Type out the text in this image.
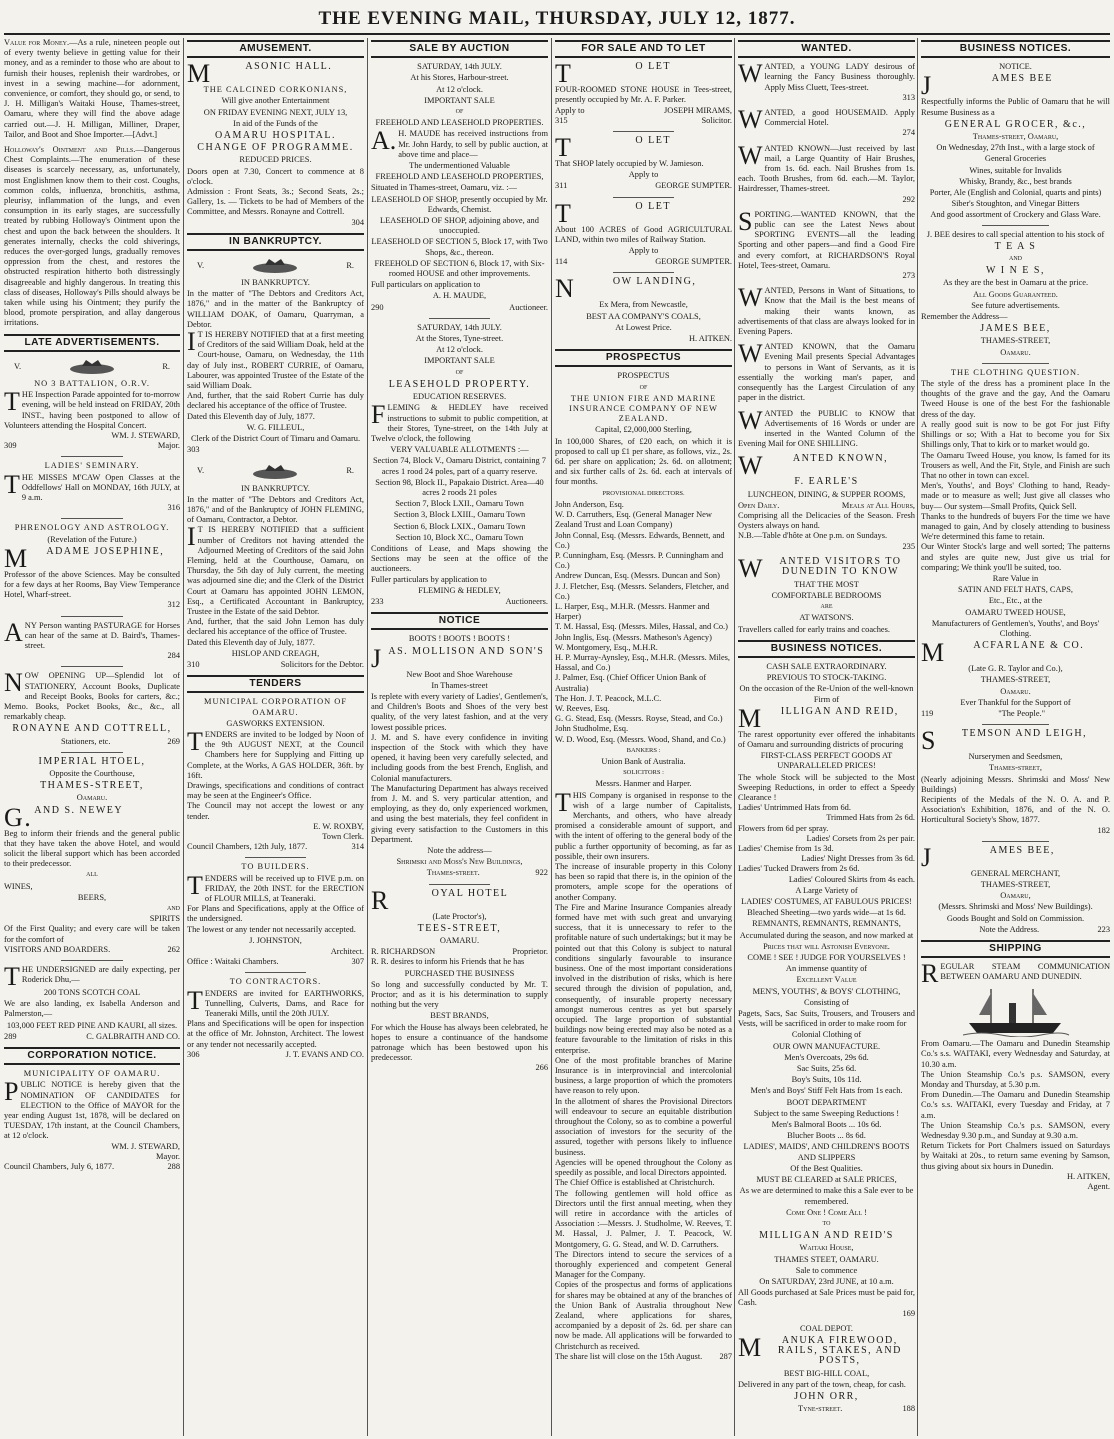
THE EVENING MAIL, THURSDAY, JULY 12, 1877.

Value for Money.—As a rule, nineteen people out of every twenty believe in getting value for their money, and as a reminder to those who are about to furnish their houses, replenish their wardrobes, or invest in a sewing machine—for adornment, convenience, or comfort, they should go, or send, to J. H. Milligan's Waitaki House, Thames-street, Oamaru, where they will find the above adage carried out.—J. H. Milligan, Milliner, Draper, Tailor, and Boot and Shoe Importer.—[Advt.]

Holloway's Ointment and Pills.—Dangerous Chest Complaints.—The enumeration of these diseases is scarcely necessary, as, unfortunately, most Englishmen know them to their cost. Coughs, common colds, influenza, bronchitis, asthma, pleurisy, inflammation of the lungs, and even consumption in its early stages, are successfully treated by rubbing Holloway's Ointment upon the chest and upon the back between the shoulders. It generates internally, checks the cold shiverings, reduces the over-gorged lungs, gradually removes oppression from the chest, and restores the obstructed respiration hitherto both distressingly disagreeable and highly dangerous. In treating this class of diseases, Holloway's Pills should always be taken while using his Ointment; they purify the blood, promote perspiration, and allay dangerous irritations.

LATE ADVERTISEMENTS.
V.	R.
NO 3 BATTALION, O.R.V.

THE Inspection Parade appointed for to-morrow evening, will be held instead on FRIDAY, 20th INST., having been postponed to allow of Volunteers attending the Hospital Concert.

WM. J. STEWARD,
309	Major.
LADIES' SEMINARY.

THE MISSES M'CAW Open Classes at the Oddfellows' Hall on MONDAY, 16th JULY, at 9 a.m.

316
PHRENOLOGY AND ASTROLOGY.
(Revelation of the Future.)
M ADAME JOSEPHINE,

Professor of the above Sciences. May be consulted for a few days at her Rooms, Bay View Temperance Hotel, Wharf-street.

312

ANY Person wanting PASTURAGE for Horses can hear of the same at D. Baird's, Thames-street.

284

NOW OPENING UP—Splendid lot of STATIONERY, Account Books, Duplicate and Receipt Books, Books for carters, &c.; Memo. Books, Pocket Books, &c., &c., all remarkably cheap.

RONAYNE AND COTTRELL,
Stationers, etc.	269
IMPERIAL HTOEL,
Opposite the Courthouse,
THAMES-STREET,
Oamaru.
G. AND S. NEWEY

Beg to inform their friends and the general public that they have taken the above Hotel, and would solicit the liberal support which has been accorded to their predecessor.

ALL
WINES,
BEERS,
AND
SPIRITS

Of the First Quality; and every care will be taken for the comfort of

VISITORS AND BOARDERS.	262

THE UNDERSIGNED are daily expecting, per Roderick Dhu,—

200 TONS SCOTCH COAL

We are also landing, ex Isabella Anderson and Palmerston,—

103,000 FEET RED PINE AND KAURI, all sizes.
289	C. GALBRAITH AND CO.
CORPORATION NOTICE.
MUNICIPALITY OF OAMARU.

PUBLIC NOTICE is hereby given that the NOMINATION OF CANDIDATES for ELECTION to the Office of MAYOR for the year ending August 1st, 1878, will be declared on TUESDAY, 17th instant, at the Council Chambers, at 12 o'clock.

WM. J. STEWARD,
Mayor.
Council Chambers, July 6, 1877.	288
AMUSEMENT.
M	ASONIC HALL.
THE CALCINED CORKONIANS,
Will give another Entertainment
ON FRIDAY EVENING NEXT, JULY 13,
In aid of the Funds of the
OAMARU HOSPITAL.
CHANGE OF PROGRAMME.
REDUCED PRICES.

Doors open at 7.30, Concert to commence at 8 o'clock.

Admission : Front Seats, 3s.; Second Seats, 2s.; Gallery, 1s. — Tickets to be had of Members of the Committee, and Messrs. Ronayne and Cottrell.

304
IN BANKRUPTCY.
V.	R.
IN BANKRUPTCY.

In the matter of "The Debtors and Creditors Act, 1876," and in the matter of the Bankruptcy of WILLIAM DOAK, of Oamaru, Quarryman, a Debtor.

I T IS HEREBY NOTIFIED that at a first meeting of Creditors of the said William Doak, held at the Court-house, Oamaru, on Wednesday, the 11th day of July inst., ROBERT CURRIE, of Oamaru, Labourer, was appointed Trustee of the Estate of the said William Doak.

And, further, that the said Robert Currie has duly declared his acceptance of the office of Trustee.

Dated this Eleventh day of July, 1877.

W. G. FILLEUL,
Clerk of the District Court of Timaru and Oamaru.
303
V.	R.
IN BANKRUPTCY.

In the matter of "The Debtors and Creditors Act, 1876," and of the Bankruptcy of JOHN FLEMING, of Oamaru, Contractor, a Debtor.

I T IS HEREBY NOTIFIED that a sufficient number of Creditors not having attended the Adjourned Meeting of Creditors of the said John Fleming, held at the Courthouse, Oamaru, on Thursday, the 5th day of July current, the meeting was adjourned sine die; and the Clerk of the District Court at Oamaru has appointed JOHN LEMON, Esq., a Certificated Accountant in Bankruptcy, Trustee in the Estate of the said Debtor.

And, further, that the said John Lemon has duly declared his acceptance of the office of Trustee.

Dated this Eleventh day of July, 1877.

HISLOP AND CREAGH,
310	Solicitors for the Debtor.
TENDERS
MUNICIPAL CORPORATION OF OAMARU.
GASWORKS EXTENSION.

TENDERS are invited to be lodged by Noon of the 9th AUGUST NEXT, at the Council Chambers here for Supplying and Fitting up Complete, at the Works, A GAS HOLDER, 36ft. by 16ft.

Drawings, specifications and conditions of contract may be seen at the Engineer's Office.

The Council may not accept the lowest or any tender.

E. W. ROXBY,
Town Clerk.
Council Chambers, 12th July, 1877.	314
TO BUILDERS.

TENDERS will be received up to FIVE p.m. on FRIDAY, the 20th INST. for the ERECTION of FLOUR MILLS, at Teaneraki.

For Plans and Specifications, apply at the Office of the undersigned.

The lowest or any tender not necessarily accepted.

J. JOHNSTON,
Architect.
Office : Waitaki Chambers.	307
TO CONTRACTORS.

TENDERS are invited for EARTHWORKS, Tunnelling, Culverts, Dams, and Race for Teaneraki Mills, until the 20th JULY.

Plans and Specifications will be open for inspection at the office of Mr. Johnston, Architect. The lowest or any tender not necessarily accepted.

306	J. T. EVANS AND CO.
SALE BY AUCTION
SATURDAY, 14th JULY.
At his Stores, Harbour-street.
At 12 o'clock.
IMPORTANT SALE
OF
FREEHOLD AND LEASEHOLD PROPERTIES.

A. H. MAUDE has received instructions from Mr. John Hardy, to sell by public auction, at above time and place—

The undermentioned Valuable
FREEHOLD AND LEASEHOLD PROPERTIES,

Situated in Thames-street, Oamaru, viz. :—

LEASEHOLD OF SHOP, presently occupied by Mr. Edwards, Chemist.
LEASEHOLD OF SHOP, adjoining above, and unoccupied.
LEASEHOLD OF SECTION 5, Block 17, with Two Shops, &c., thereon.
FREEHOLD OF SECTION 6, Block 17, with Six-roomed HOUSE and other improvements.

Full particulars on application to

A. H. MAUDE,
290	Auctioneer.
SATURDAY, 14th JULY.
At the Stores, Tyne-street.
At 12 o'clock.
IMPORTANT SALE
OF
LEASEHOLD PROPERTY.
EDUCATION RESERVES.

FLEMING & HEDLEY have received instructions to submit to public competition, at their Stores, Tyne-street, on the 14th July at Twelve o'clock, the following

VERY VALUABLE ALLOTMENTS :—
Section 74, Block V., Oamaru District, containing 7 acres 1 rood 24 poles, part of a quarry reserve.
Section 98, Block II., Papakaio District. Area—40 acres 2 roods 21 poles
Section 7, Block LXII., Oamaru Town
Section 3, Block LXIII., Oamaru Town
Section 6, Block LXIX., Oamaru Town
Section 10, Block XC., Oamaru Town

Conditions of Lease, and Maps showing the Sections may be seen at the office of the auctioneers.

Fuller particulars by application to

FLEMING & HEDLEY,
233	Auctioneers.
NOTICE
BOOTS ! BOOTS ! BOOTS !
JAS. MOLLISON AND SON'S
New Boot and Shoe Warehouse
In Thames-street

Is replete with every variety of Ladies', Gentlemen's, and Children's Boots and Shoes of the very best quality, of the very latest fashion, and at the very lowest possible prices.

J. M. and S. have every confidence in inviting inspection of the Stock with which they have opened, it having been very carefully selected, and including goods from the best French, English, and Colonial manufacturers.

The Manufacturing Department has always received from J. M. and S. very particular attention, and employing, as they do, only experienced workmen, and using the best materials, they feel confident in giving every satisfaction to the Customers in this Department.

Note the address—
Shrimski and Moss's New Buildings,
Thames-street.	922
R	OYAL HOTEL
(Late Proctor's),
TEES-STREET,
OAMARU.
R. RICHARDSON	Proprietor.

R. R. desires to inform his Friends that he has

PURCHASED THE BUSINESS

So long and successfully conducted by Mr. T. Proctor; and as it is his determination to supply nothing but the very

BEST BRANDS,

For which the House has always been celebrated, he hopes to ensure a continuance of the handsome patronage which has been bestowed upon his predecessor.

266
FOR SALE AND TO LET
T	O LET

FOUR-ROOMED STONE HOUSE in Tees-street, presently occupied by Mr. A. F. Parker.

Apply to	JOSEPH MIRAMS,
315	Solicitor.
T	O LET

That SHOP lately occupied by W. Jamieson.

Apply to
311	GEORGE SUMPTER.
T	O LET

About 100 ACRES of Good AGRICULTURAL LAND, within two miles of Railway Station.

Apply to
114	GEORGE SUMPTER.
N	OW LANDING,
Ex Mera, from Newcastle,
BEST AA COMPANY'S COALS,
At Lowest Price.
H. AITKEN.
PROSPECTUS
PROSPECTUS
OF
THE UNION FIRE AND MARINE INSURANCE COMPANY OF NEW ZEALAND.
Capital, £2,000,000 Sterling,

In 100,000 Shares, of £20 each, on which it is proposed to call up £1 per share, as follows, viz., 2s. 6d. per share on application; 2s. 6d. on allotment; and six further calls of 2s. 6d. each at intervals of four months.

PROVISIONAL DIRECTORS.
John Anderson, Esq.
W. D. Carruthers, Esq. (General Manager New Zealand Trust and Loan Company)
John Connal, Esq. (Messrs. Edwards, Bennett, and Co.)
P. Cunningham, Esq. (Messrs. P. Cunningham and Co.)
Andrew Duncan, Esq. (Messrs. Duncan and Son)
J. J. Fletcher, Esq. (Messrs. Selanders, Fletcher, and Co.)
L. Harper, Esq., M.H.R. (Messrs. Hanmer and Harper)
T. M. Hassal, Esq. (Messrs. Miles, Hassal, and Co.)
John Inglis, Esq. (Messrs. Matheson's Agency)
W. Montgomery, Esq., M.H.R.
H. P. Murray-Aynsley, Esq., M.H.R. (Messrs. Miles, Hassal, and Co.)
J. Palmer, Esq. (Chief Officer Union Bank of Australia)
The Hon. J. T. Peacock, M.L.C.
W. Reeves, Esq.
G. G. Stead, Esq. (Messrs. Royse, Stead, and Co.)
John Studholme, Esq.
W. D. Wood, Esq. (Messrs. Wood, Shand, and Co.)
BANKERS :
Union Bank of Australia.
SOLICITORS :
Messrs. Hanmer and Harper.

THIS Company is organised in response to the wish of a large number of Capitalists, Merchants, and others, who have already promised a considerable amount of support, and with the intent of offering to the general body of the public a further opportunity of becoming, as far as possible, their own insurers.

The increase of insurable property in this Colony has been so rapid that there is, in the opinion of the promoters, ample scope for the operations of another Company.

The Fire and Marine Insurance Companies already formed have met with such great and unvarying success, that it is unnecessary to refer to the profitable nature of such undertakings; but it may be pointed out that this Colony is subject to natural conditions singularly favourable to insurance business. One of the most important considerations involved in the distribution of risks, which is here secured through the division of population, and, consequently, of insurable property necessary amongst numerous centres as yet but sparsely occupied. The large proportion of substantial buildings now being erected may also be noted as a feature favourable to the limitation of risks in this enterprise.

One of the most profitable branches of Marine Insurance is in interprovincial and intercolonial business, a large proportion of which the promoters have reason to rely upon.

In the allotment of shares the Provisional Directors will endeavour to secure an equitable distribution throughout the Colony, so as to combine a powerful association of investors for the security of the assured, together with persons likely to influence business.

Agencies will be opened throughout the Colony as speedily as possible, and local Directors appointed.

The Chief Office is established at Christchurch.

The following gentlemen will hold office as Directors until the first annual meeting, when they will retire in accordance with the articles of Association :—Messrs. J. Studholme, W. Reeves, T. M. Hassal, J. Palmer, J. T. Peacock, W. Montgomery, G. G. Stead, and W. D. Carruthers.

The Directors intend to secure the services of a thoroughly experienced and competent General Manager for the Company.

Copies of the prospectus and forms of applications for shares may be obtained at any of the branches of the Union Bank of Australia throughout New Zealand, where applications for shares, accompanied by a deposit of 2s. 6d. per share can now be made. All applications will be forwarded to Christchurch as received.

The share list will close on the 15th August. 287
WANTED.

WANTED, a YOUNG LADY desirous of learning the Fancy Business thoroughly. Apply Miss Cluett, Tees-street.

313

WANTED, a good HOUSEMAID. Apply Commercial Hotel.

274

WANTED KNOWN—Just received by last mail, a Large Quantity of Hair Brushes, from 1s. 6d. each. Nail Brushes from 1s. each. Tooth Brushes, from 6d. each.—M. Taylor, Hairdresser, Thames-street.

292

SPORTING.—WANTED KNOWN, that the public can see the Latest News about SPORTING EVENTS—all the leading Sporting and other papers—and find a Good Fire and every comfort, at RICHARDSON'S Royal Hotel, Tees-street, Oamaru.

273

WANTED, Persons in Want of Situations, to Know that the Mail is the best means of making their wants known, as advertisements of that class are always looked for in Evening Papers.

WANTED KNOWN, that the Oamaru Evening Mail presents Special Advantages to persons in Want of Servants, as it is essentially the working man's paper, and consequently has the Largest Circulation of any paper in the district.

WANTED the PUBLIC to KNOW that Advertisements of 16 Words or under are inserted in the Wanted Column of the Evening Mail for ONE SHILLING.

W	ANTED KNOWN,
F. EARLE'S
LUNCHEON, DINING, & SUPPER ROOMS,
Open Daily.	Meals at All Hours,

Comprising all the Delicacies of the Season. Fresh Oysters always on hand.

N.B.—Table d'hôte at One p.m. on Sundays.

235
W ANTED VISITORS TO DUNEDIN TO KNOW
THAT THE MOST
COMFORTABLE BEDROOMS
ARE
AT WATSON'S.

Travellers called for early trains and coaches.

BUSINESS NOTICES.
CASH SALE EXTRAORDINARY.
PREVIOUS TO STOCK-TAKING.
On the occasion of the Re-Union of the well-known Firm of
M ILLIGAN AND REID,

The rarest opportunity ever offered the inhabitants of Oamaru and surrounding districts of procuring

FIRST-CLASS PERFECT GOODS AT UNPARALLELED PRICES!

The whole Stock will be subjected to the Most Sweeping Reductions, in order to effect a Speedy Clearance !

Ladies' Untrimmed Hats from 6d.
Trimmed Hats from 2s 6d.
Flowers from 6d per spray.
Ladies' Corsets from 2s per pair.
Ladies' Chemise from 1s 3d.
Ladies' Night Dresses from 3s 6d.
Ladies' Tucked Drawers from 2s 6d.
Ladies' Coloured Skirts from 4s each.
A Large Variety of
LADIES' COSTUMES, AT FABULOUS PRICES!
Bleached Sheeting—two yards wide—at 1s 6d.
REMNANTS, REMNANTS, REMNANTS,
Accumulated during the season, and now marked at
Prices that will Astonish Everyone.
COME ! SEE ! JUDGE FOR YOURSELVES !
An immense quantity of
Excellent Value
MEN'S, YOUTHS', & BOYS' CLOTHING,
Consisting of

Pagets, Sacs, Sac Suits, Trousers, and Trousers and Vests, will be sacrificed in order to make room for

Colonial Clothing of
OUR OWN MANUFACTURE.
Men's Overcoats, 29s 6d.
Sac Suits, 25s 6d.
Boy's Suits, 10s 11d.
Men's and Boys' Stiff Felt Hats from 1s each.
BOOT DEPARTMENT
Subject to the same Sweeping Reductions !
Men's Balmoral Boots ... 10s 6d.
Blucher Boots ... 8s 6d.
LADIES', MAIDS', AND CHILDREN'S BOOTS AND SLIPPERS
Of the Best Qualities.
MUST BE CLEARED at SALE PRICES,
As we are determined to make this a Sale ever to be remembered.
Come One ! Come All !
TO
MILLIGAN AND REID'S
Waitaki House,
THAMES STEET, OAMARU.
Sale to commence
On SATURDAY, 23rd JUNE, at 10 a.m.

All Goods purchased at Sale Prices must be paid for, Cash.

169
COAL DEPOT.
M ANUKA FIREWOOD, RAILS, STAKES, AND POSTS,
BEST BIG-HILL COAL,

Delivered in any part of the town, cheap, for cash.

JOHN ORR,
Tyne-street.	188
BUSINESS NOTICES.
NOTICE.
J	AMES BEE

Respectfully informs the Public of Oamaru that he will Resume Business as a

GENERAL GROCER, &c.,
Thames-street, Oamaru,
On Wednesday, 27th Inst., with a large stock of
General Groceries
Wines, suitable for Invalids
Whisky, Brandy, &c., best brands
Porter, Ale (English and Colonial, quarts and pints)
Siber's Stoughton, and Vinegar Bitters
And good assortment of Crockery and Glass Ware.
J. BEE desires to call special attention to his stock of
T E A S
AND
W I N E S,
As they are the best in Oamaru at the price.
All Goods Guaranteed.
See future advertisements.
Remember the Address—
JAMES BEE,
THAMES-STREET,
Oamaru.
THE CLOTHING QUESTION.

The style of the dress has a prominent place In the thoughts of the grave and the gay, And the Oamaru Tweed House is one of the best For the fashionable dress of the day.

A really good suit is now to be got For just Fifty Shillings or so; With a Hat to become you for Six Shillings only, That to kirk or to market would go.

The Oamaru Tweed House, you know, Is famed for its Trousers as well, And the Fit, Style, and Finish are such That no other in town can excel.

Men's, Youths', and Boys' Clothing to hand, Ready-made or to measure as well; Just give all classes who buy— Our system—Small Profits, Quick Sell.

Thanks to the hundreds of buyers For the time we have managed to gain, And by closely attending to business We're determined this fame to retain.

Our Winter Stock's large and well sorted; The patterns and styles are quite new, Just give us trial for comparing; We think you'll be suited, too.

Rare Value in
SATIN AND FELT HATS, CAPS,
Etc., Etc., at the
OAMARU TWEED HOUSE,
Manufacturers of Gentlemen's, Youths', and Boys' Clothing.
M	ACFARLANE & CO.
(Late G. R. Taylor and Co.),
THAMES-STREET,
Oamaru.
Ever Thankful for the Support of
119	"The People."
S TEMSON AND LEIGH,
Nurserymen and Seedsmen,
Thames-street,

(Nearly adjoining Messrs. Shrimski and Moss' New Buildings)

Recipients of the Medals of the N. O. A. and P. Association's Exhibition, 1876, and of the N. O. Horticultural Society's Show, 1877.

182
J	AMES BEE,
GENERAL MERCHANT,
THAMES-STREET,
Oamaru,
(Messrs. Shrimski and Moss' New Buildings).
Goods Bought and Sold on Commission.
Note the Address.	223
SHIPPING

REGULAR STEAM COMMUNICATION BETWEEN OAMARU AND DUNEDIN.

From Oamaru.—The Oamaru and Dunedin Steamship Co.'s s.s. WAITAKI, every Wednesday and Saturday, at 10.30 a.m.

The Union Steamship Co.'s p.s. SAMSON, every Monday and Thursday, at 5.30 p.m.

From Dunedin.—The Oamaru and Dunedin Steamship Co.'s s.s. WAITAKI, every Tuesday and Friday, at 7 a.m.

The Union Steamship Co.'s p.s. SAMSON, every Wednesday 9.30 p.m., and Sunday at 9.30 a.m.

Return Tickets for Port Chalmers issued on Saturdays by Waitaki at 20s., to return same evening by Samson, thus giving about six hours in Dunedin.

H. AITKEN,
Agent.
